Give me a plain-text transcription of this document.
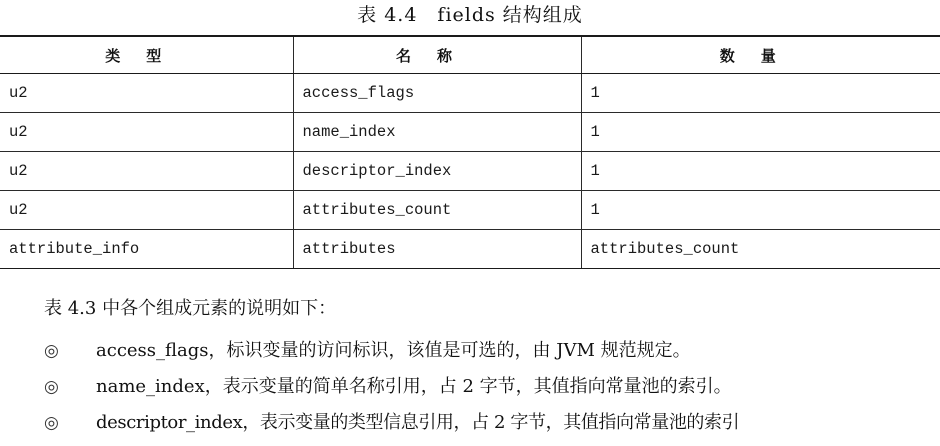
表 4.4　fields 结构组成
类型	名称	数量
u2	access_flags	1
u2	name_index	1
u2	descriptor_index	1
u2	attributes_count	1
attribute_info	attributes	attributes_count
表 4.3 中各个组成元素的说明如下：
◎ access_flags，标识变量的访问标识，该值是可选的，由 JVM 规范规定。
◎ name_index，表示变量的简单名称引用，占 2 字节，其值指向常量池的索引。
◎ descriptor_index，表示变量的类型信息引用，占 2 字节，其值指向常量池的索引
